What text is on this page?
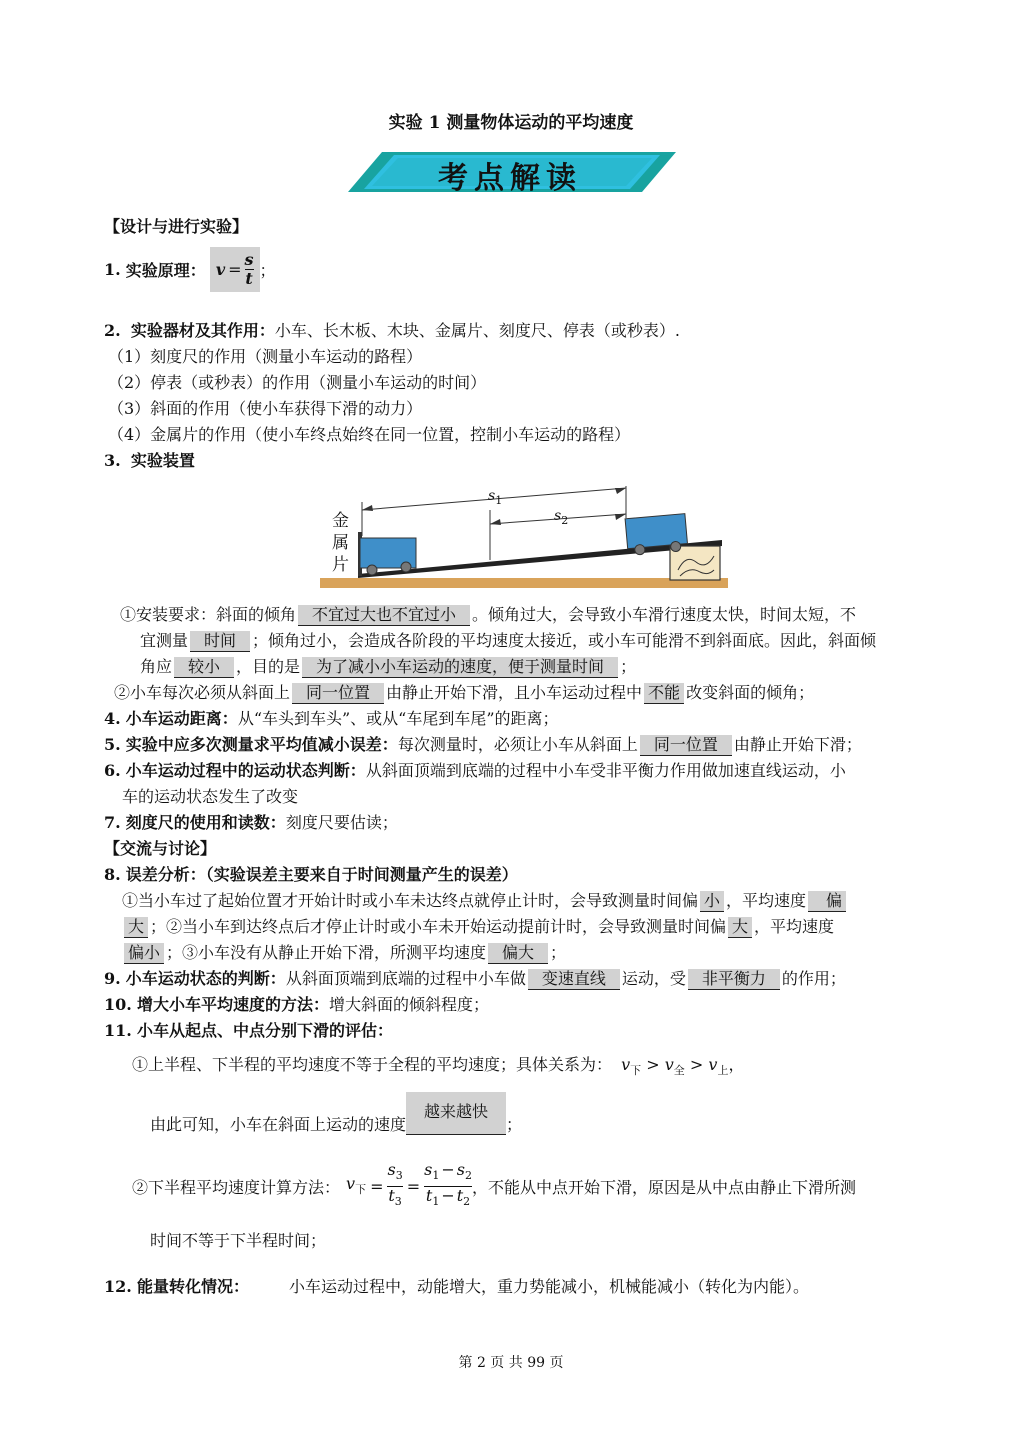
实验 1 测量物体运动的平均速度
考点解读
【设计与进行实验】
1.
实验原理： $v = \frac{s}{t}$ ；
2. 实验器材及其作用：小车、长木板、木块、金属片、刻度尺、停表（或秒表）.
（1）刻度尺的作用（测量小车运动的路程）
（2）停表（或秒表）的作用（测量小车运动的时间）
（3）斜面的作用（使小车获得下滑的动力）
（4）金属片的作用（使小车终点始终在同一位置，控制小车运动的路程）
3. 实验装置
金
属
片
$s_1$
$s_2$
①安装要求：斜面的倾角 不宜过大也不宜过小 。倾角过大，会导致小车滑行速度太快，时间太短，不
宜测量 时间 ；倾角过小，会造成各阶段的平均速度太接近，或小车可能滑不到斜面底。因此，斜面倾
角应 较小 ，目的是 为了减小小车运动的速度，便于测量时间 ；
②小车每次必须从斜面上 同一位置 由静止开始下滑，且小车运动过程中 不能 改变斜面的倾角；
4. 小车运动距离：从“车头到车头”、或从“车尾到车尾”的距离；
5. 实验中应多次测量求平均值减小误差：每次测量时，必须让小车从斜面上 同一位置 由静止开始下滑；
6. 小车运动过程中的运动状态判断：从斜面顶端到底端的过程中小车受非平衡力作用做加速直线运动，小
车的运动状态发生了改变
7. 刻度尺的使用和读数：刻度尺要估读；
【交流与讨论】
8. 误差分析：（实验误差主要来自于时间测量产生的误差）
①当小车过了起始位置才开始计时或小车未达终点就停止计时，会导致测量时间偏 小 ，平均速度 偏
大 ；②当小车到达终点后才停止计时或小车未开始运动提前计时，会导致测量时间偏 大 ，平均速度
偏小 ；③小车没有从静止开始下滑，所测平均速度 偏大 ；
9. 小车运动状态的判断：从斜面顶端到底端的过程中小车做 变速直线 运动，受 非平衡力 的作用；
10. 增大小车平均速度的方法：增大斜面的倾斜程度；
11. 小车从起点、中点分别下滑的评估：
①上半程、下半程的平均速度不等于全程的平均速度；具体关系为： $v_下 > v_全 > v_上$，
由此可知，小车在斜面上运动的速度
越来越快
；
②下半程平均速度计算方法： $v_下 = \frac{s_3}{t_3} = \frac{s_1 - s_2}{t_1 - t_2}$ ，不能从中点开始下滑，原因是从中点由静止下滑所测
时间不等于下半程时间；
12. 能量转化情况：	小车运动过程中，动能增大，重力势能减小，机械能减小（转化为内能）。
第 2 页 共 99 页
